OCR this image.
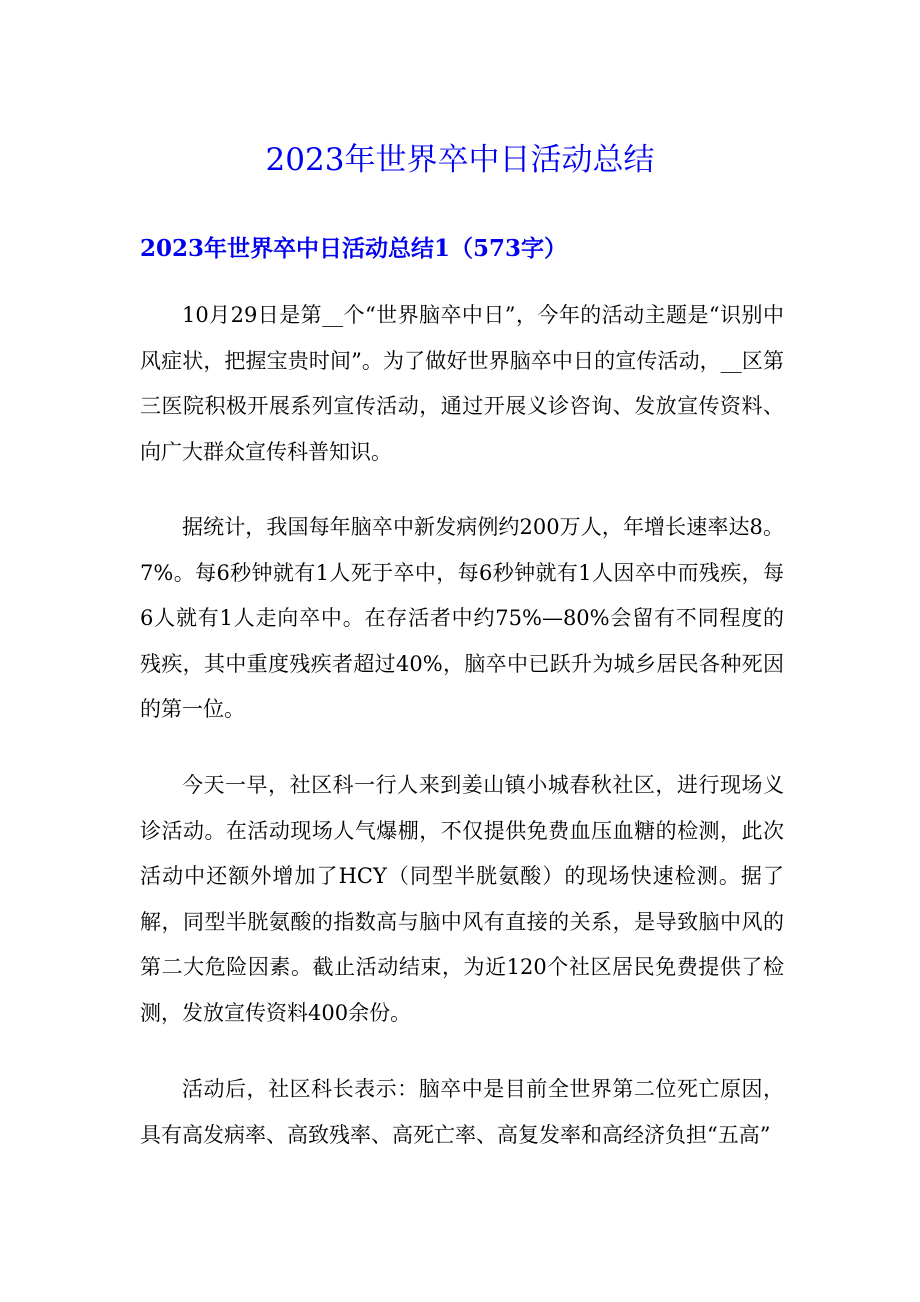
2023年世界卒中日活动总结
2023年世界卒中日活动总结1（573字）

10月29日是第__个“世界脑卒中日”，今年的活动主题是“识别中风症状，把握宝贵时间”。为了做好世界脑卒中日的宣传活动，__区第三医院积极开展系列宣传活动，通过开展义诊咨询、发放宣传资料、向广大群众宣传科普知识。

据统计，我国每年脑卒中新发病例约200万人，年增长速率达8。7%。每6秒钟就有1人死于卒中，每6秒钟就有1人因卒中而残疾，每6人就有1人走向卒中。在存活者中约75%—80%会留有不同程度的残疾，其中重度残疾者超过40%，脑卒中已跃升为城乡居民各种死因的第一位。

今天一早，社区科一行人来到姜山镇小城春秋社区，进行现场义诊活动。在活动现场人气爆棚，不仅提供免费血压血糖的检测，此次活动中还额外增加了HCY（同型半胱氨酸）的现场快速检测。据了解，同型半胱氨酸的指数高与脑中风有直接的关系，是导致脑中风的第二大危险因素。截止活动结束，为近120个社区居民免费提供了检测，发放宣传资料400余份。

活动后，社区科长表示：脑卒中是目前全世界第二位死亡原因，具有高发病率、高致残率、高死亡率、高复发率和高经济负担“五高”
